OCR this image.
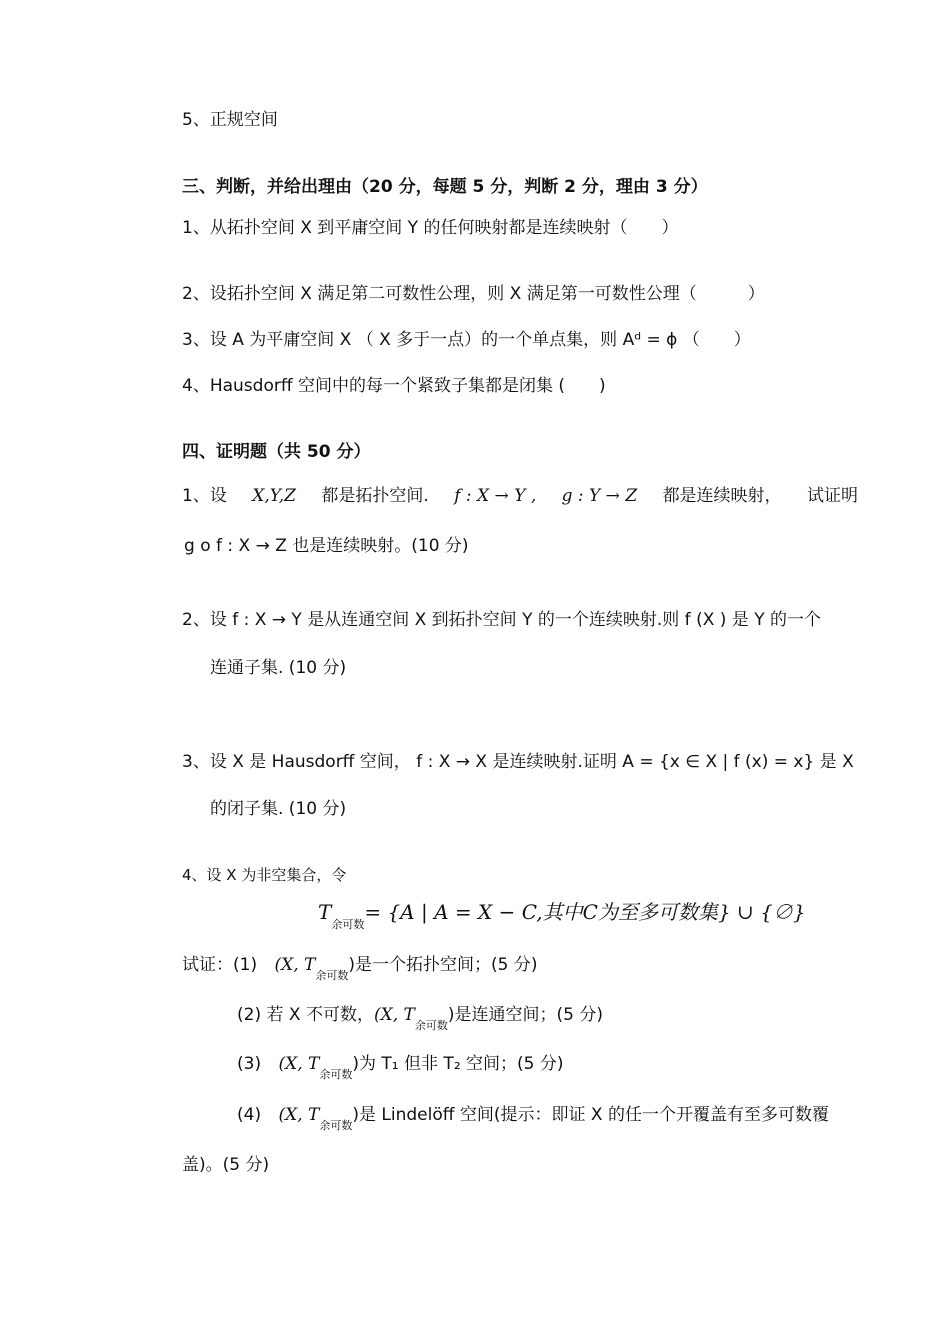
5、正规空间
三、判断，并给出理由（20 分，每题 5 分，判断 2 分，理由 3 分）
1、从拓扑空间 X 到平庸空间 Y 的任何映射都是连续映射（　　）
2、设拓扑空间 X 满足第二可数性公理，则 X 满足第一可数性公理（　　　）
3、设 A 为平庸空间 X （ X 多于一点）的一个单点集，则 Aᵈ = ϕ （　　）
4、Hausdorff 空间中的每一个紧致子集都是闭集 (　　)
四、证明题（共 50 分）
1、设 X,Y,Z 都是拓扑空间. f : X → Y , g : Y → Z 都是连续映射， 试证明
g o f : X → Z 也是连续映射。(10 分)
2、设 f : X → Y 是从连通空间 X 到拓扑空间 Y 的一个连续映射.则 f (X ) 是 Y 的一个
连通子集. (10 分)
3、设 X 是 Hausdorff 空间， f : X → X 是连续映射.证明 A = {x ∈ X | f (x) = x} 是 X
的闭子集. (10 分)
4、设 X 为非空集合，令
$T_{余可数}= \{A$ | A = X − C,其中C为至多可数集} ∪ {∅}
试证：(1) (X, $T_{余可数}$)是一个拓扑空间；(5 分)
(2) 若 X 不可数，(X, $T_{余可数}$)是连通空间；(5 分)
(3) (X, $T_{余可数}$)为 T₁ 但非 T₂ 空间；(5 分)
(4) (X, $T_{余可数}$)是 Lindelöff 空间(提示：即证 X 的任一个开覆盖有至多可数覆
盖)。(5 分)
